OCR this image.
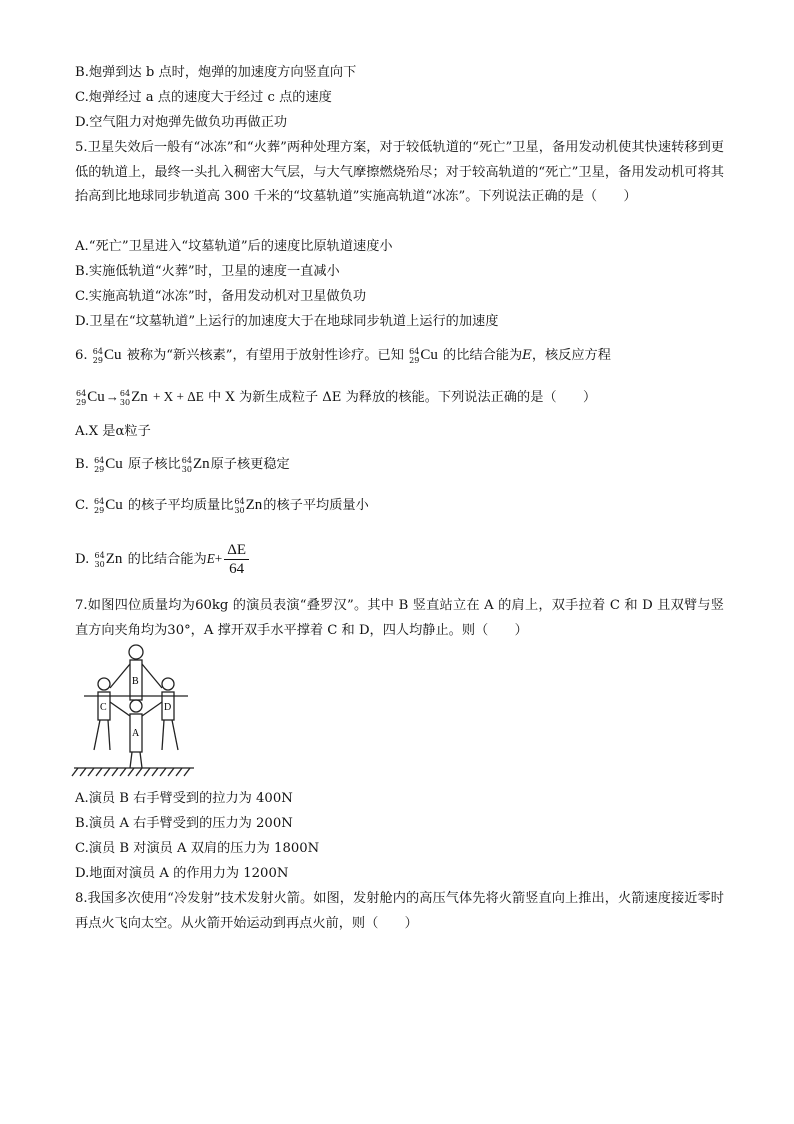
B.炮弹到达 b 点时，炮弹的加速度方向竖直向下
C.炮弹经过 a 点的速度大于经过 c 点的速度
D.空气阻力对炮弹先做负功再做正功
5.卫星失效后一般有“冰冻”和“火葬”两种处理方案，对于较低轨道的“死亡”卫星，备用发动机使其快速转移到更低的轨道上，最终一头扎入稠密大气层，与大气摩擦燃烧殆尽；对于较高轨道的“死亡”卫星，备用发动机可将其抬高到比地球同步轨道高 300 千米的“坟墓轨道”实施高轨道“冰冻”。下列说法正确的是（　　）
A.“死亡”卫星进入“坟墓轨道”后的速度比原轨道速度小
B.实施低轨道“火葬”时，卫星的速度一直减小
C.实施高轨道“冰冻”时，备用发动机对卫星做负功
D.卫星在“坟墓轨道”上运行的加速度大于在地球同步轨道上运行的加速度
6. 64
29 Cu 被称为“新兴核素”，有望用于放射性诊疗。已知 64
29 Cu 的比结合能为E，核反应方程
64
29 Cu→ 64
30 Zn + X + ΔE 中 X 为新生成粒子 ΔE 为释放的核能。下列说法正确的是（　　）
A.X 是α粒子
B. 64
29 Cu 原子核比 64
30 Zn原子核更稳定
C. 64
29 Cu 的核子平均质量比 64
30 Zn的核子平均质量小
D. 64
30 Zn 的比结合能为$E+ \frac{\Delta E}{64}$
7.如图四位质量均为60kg 的演员表演“叠罗汉”。其中 B 竖直站立在 A 的肩上，双手拉着 C 和 D 且双臂与竖直方向夹角均为30°，A 撑开双手水平撑着 C 和 D，四人均静止。则（　　）
B
C	D
A
A.演员 B 右手臂受到的拉力为 400N
B.演员 A 右手臂受到的压力为 200N
C.演员 B 对演员 A 双肩的压力为 1800N
D.地面对演员 A 的作用力为 1200N
8.我国多次使用“冷发射”技术发射火箭。如图，发射舱内的高压气体先将火箭竖直向上推出，火箭速度接近零时再点火飞向太空。从火箭开始运动到再点火前，则（　　）
